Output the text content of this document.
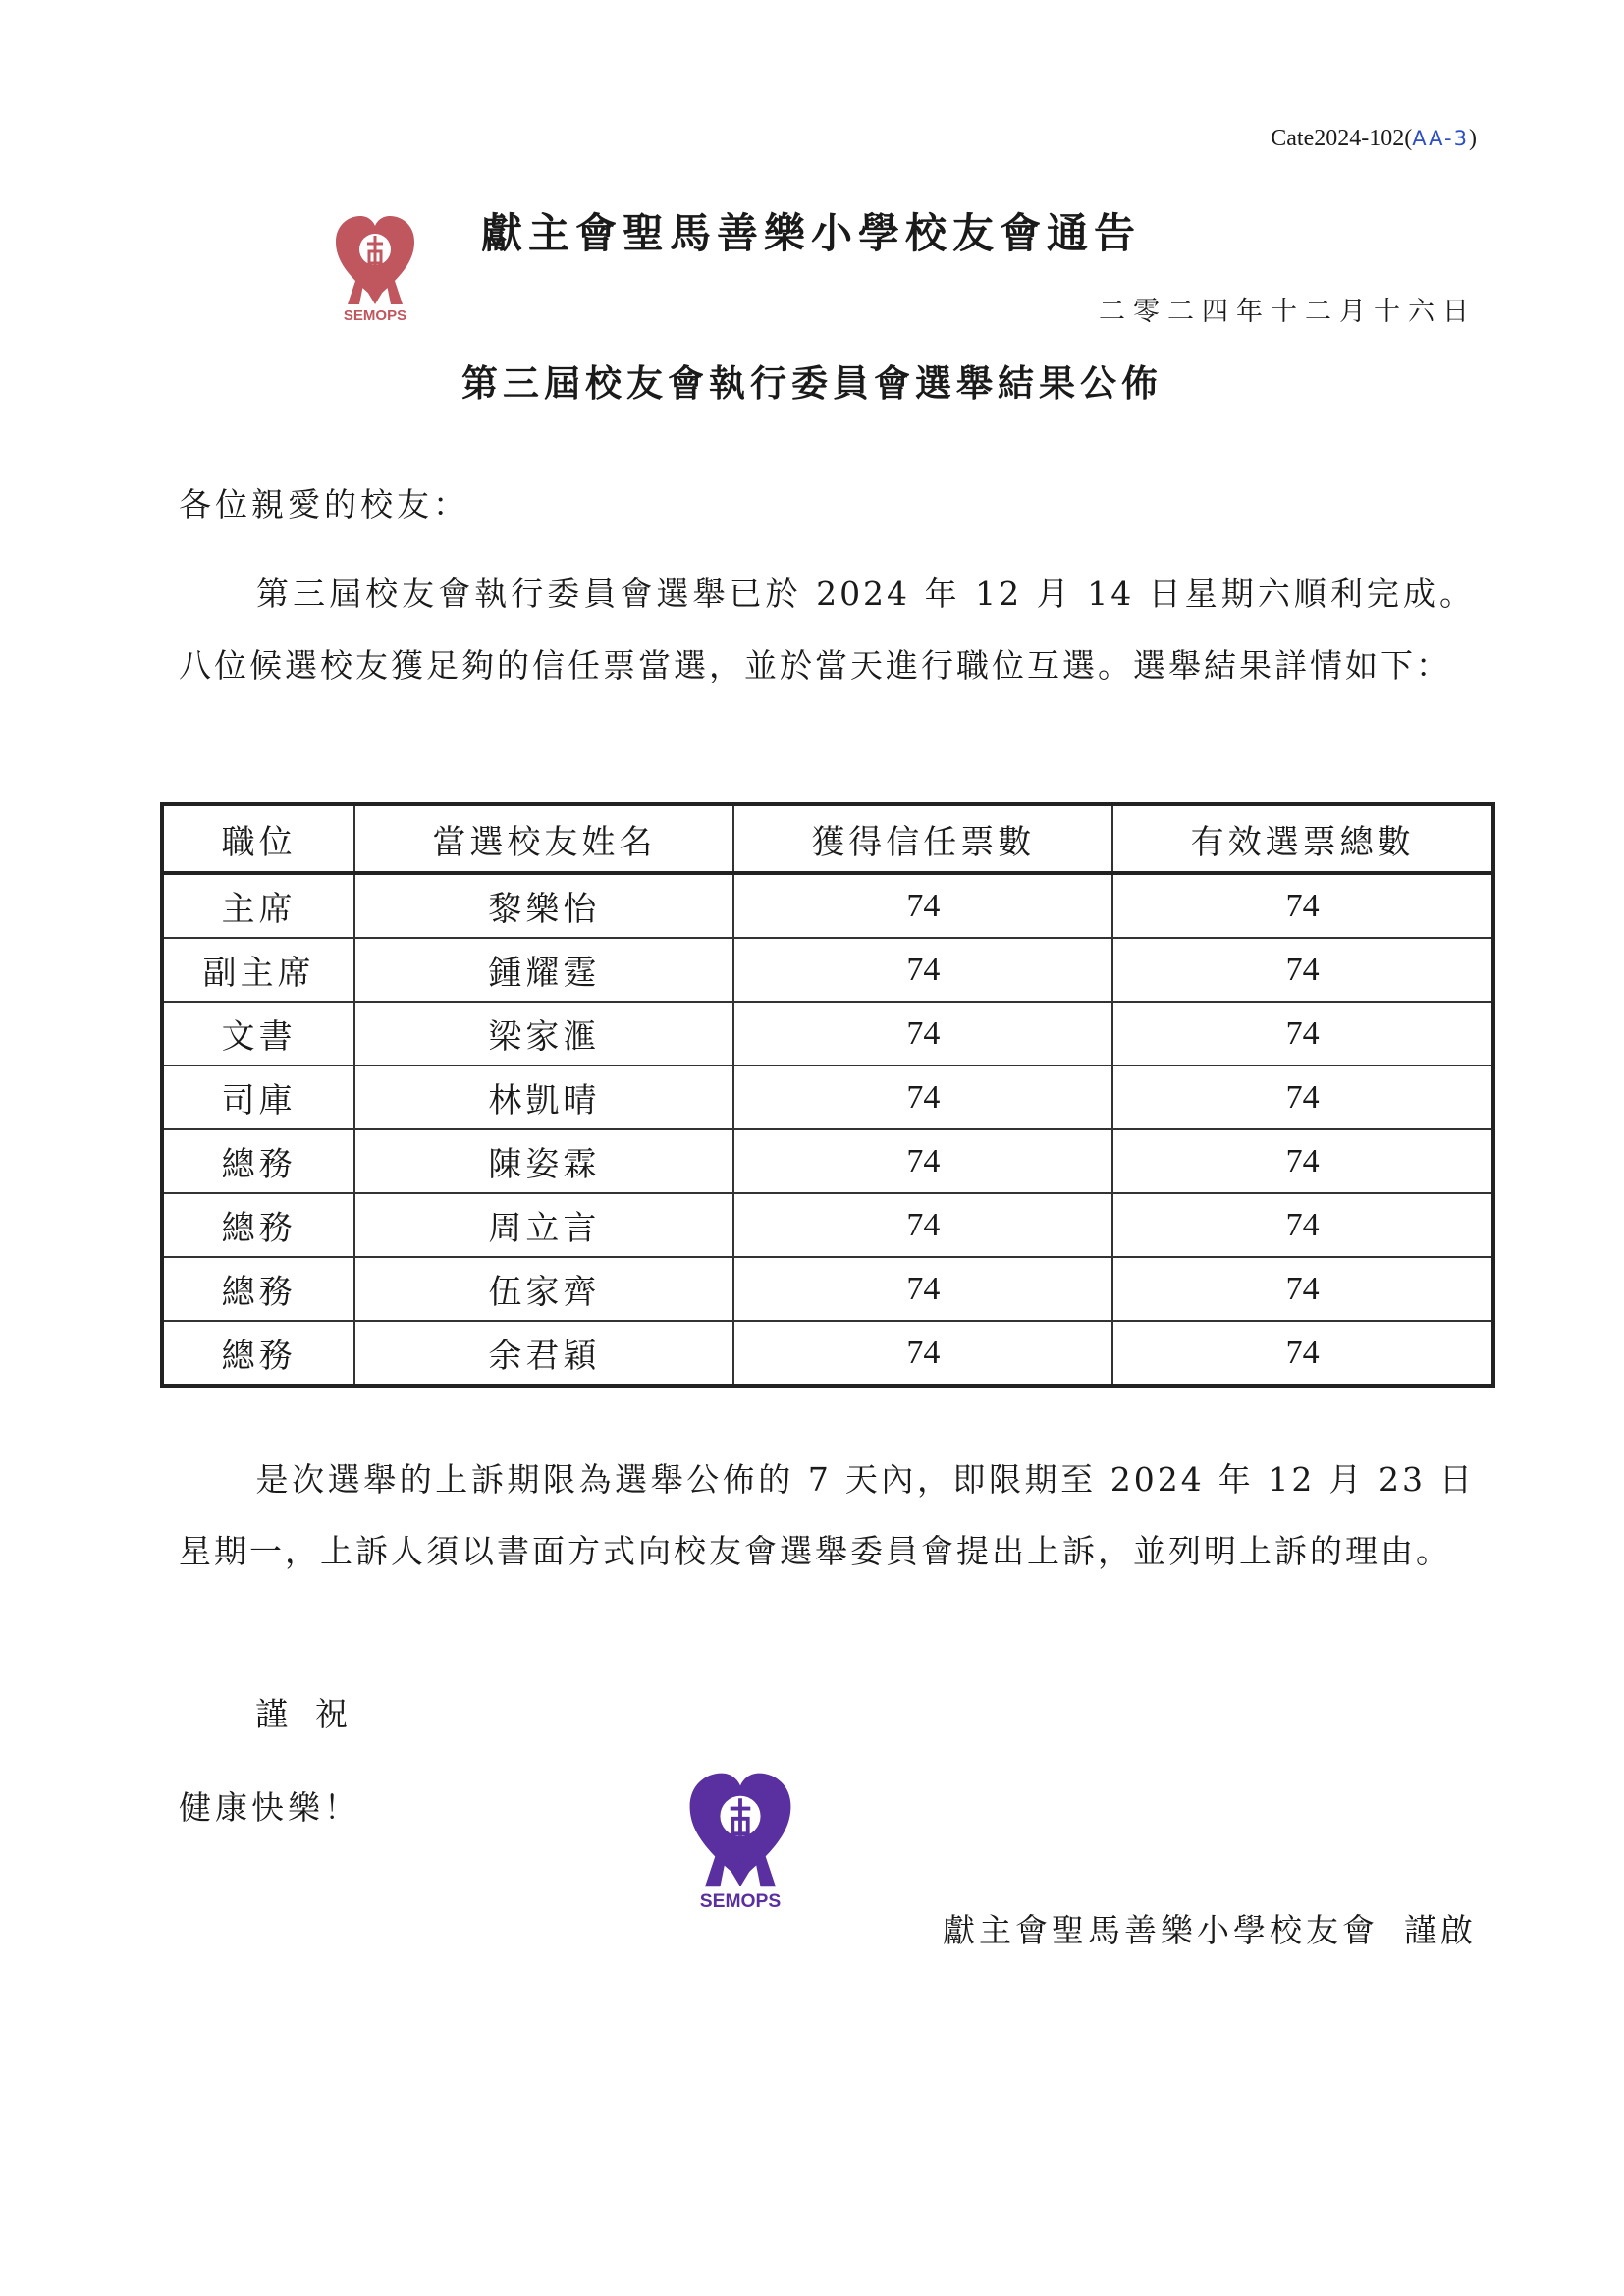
Cate2024-102(AA-3)
SEMOPS
獻主會聖馬善樂小學校友會通告
二零二四年十二月十六日
第三屆校友會執行委員會選舉結果公佈
各位親愛的校友：
第三屆校友會執行委員會選舉已於 2024 年 12 月 14 日星期六順利完成。八位候選校友獲足夠的信任票當選，並於當天進行職位互選。選舉結果詳情如下：
職位	當選校友姓名	獲得信任票數	有效選票總數
主席	黎樂怡	74	74
副主席	鍾耀霆	74	74
文書	梁家滙	74	74
司庫	林凱晴	74	74
總務	陳姿霖	74	74
總務	周立言	74	74
總務	伍家齊	74	74
總務	余君穎	74	74
是次選舉的上訴期限為選舉公佈的 7 天內，即限期至 2024 年 12 月 23 日星期一，上訴人須以書面方式向校友會選舉委員會提出上訴，並列明上訴的理由。
謹祝
健康快樂！
SEMOPS
獻主會聖馬善樂小學校友會 謹啟
